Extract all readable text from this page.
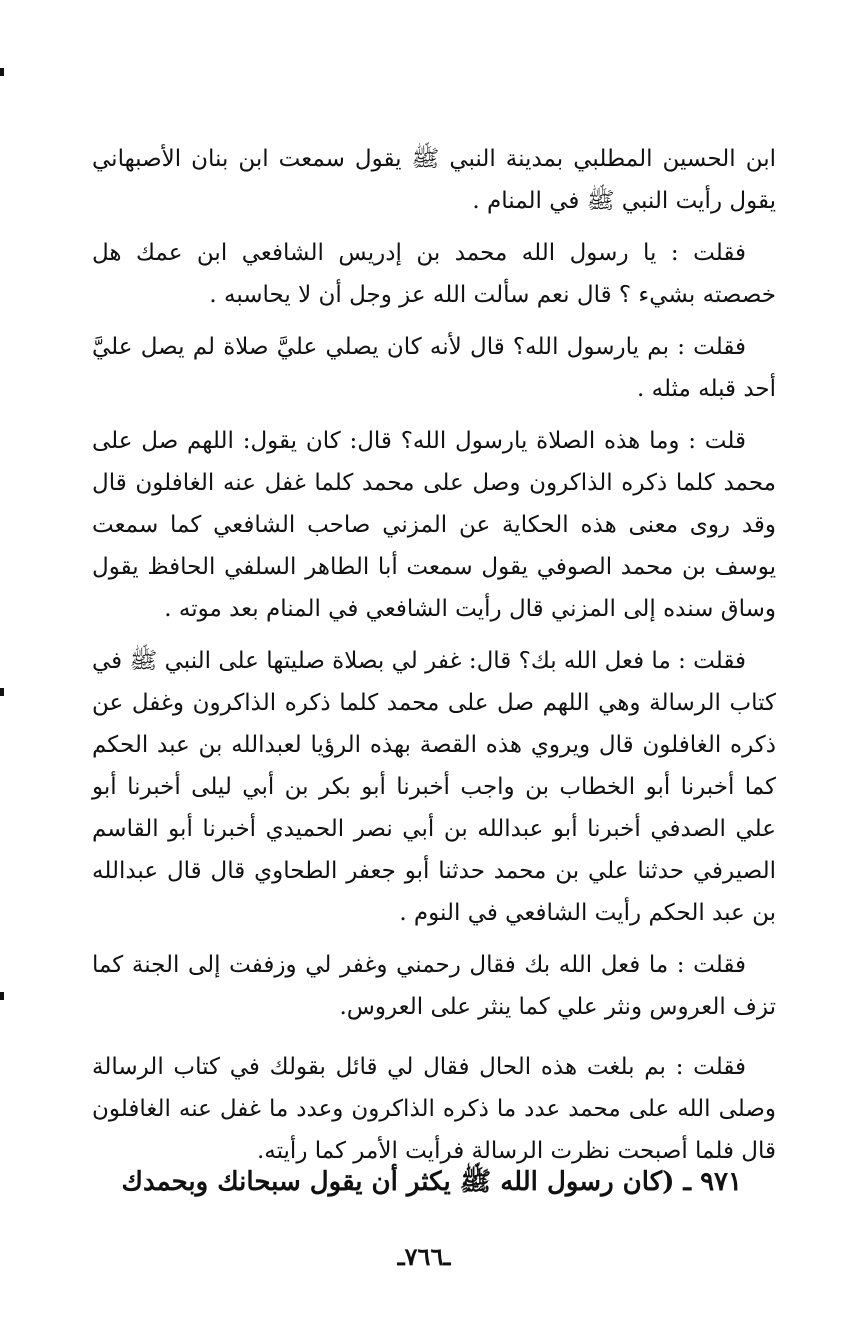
ابن الحسين المطلبي بمدينة النبي ﷺ يقول سمعت ابن بنان الأصبهاني يقول رأيت النبي ﷺ في المنام .

فقلت : يا رسول الله محمد بن إدريس الشافعي ابن عمك هل خصصته بشيء ؟ قال نعم سألت الله عز وجل أن لا يحاسبه .

فقلت : بم يارسول الله؟ قال لأنه كان يصلي عليَّ صلاة لم يصل عليَّ أحد قبله مثله .

قلت : وما هذه الصلاة يارسول الله؟ قال: كان يقول: اللهم صل على محمد كلما ذكره الذاكرون وصل على محمد كلما غفل عنه الغافلون قال وقد روى معنى هذه الحكاية عن المزني صاحب الشافعي كما سمعت يوسف بن محمد الصوفي يقول سمعت أبا الطاهر السلفي الحافظ يقول وساق سنده إلى المزني قال رأيت الشافعي في المنام بعد موته .

فقلت : ما فعل الله بك؟ قال: غفر لي بصلاة صليتها على النبي ﷺ في كتاب الرسالة وهي اللهم صل على محمد كلما ذكره الذاكرون وغفل عن ذكره الغافلون قال ويروي هذه القصة بهذه الرؤيا لعبدالله بن عبد الحكم كما أخبرنا أبو الخطاب بن واجب أخبرنا أبو بكر بن أبي ليلى أخبرنا أبو علي الصدفي أخبرنا أبو عبدالله بن أبي نصر الحميدي أخبرنا أبو القاسم الصيرفي حدثنا علي بن محمد حدثنا أبو جعفر الطحاوي قال قال عبدالله بن عبد الحكم رأيت الشافعي في النوم .

فقلت : ما فعل الله بك فقال رحمني وغفر لي وزففت إلى الجنة كما تزف العروس ونثر علي كما ينثر على العروس.

فقلت : بم بلغت هذه الحال فقال لي قائل بقولك في كتاب الرسالة وصلى الله على محمد عدد ما ذكره الذاكرون وعدد ما غفل عنه الغافلون قال فلما أصبحت نظرت الرسالة فرأيت الأمر كما رأيته.

٩٧١ ـ (كان رسول الله ﷺ يكثر أن يقول سبحانك وبحمدك
ـ٧٦٦ـ
